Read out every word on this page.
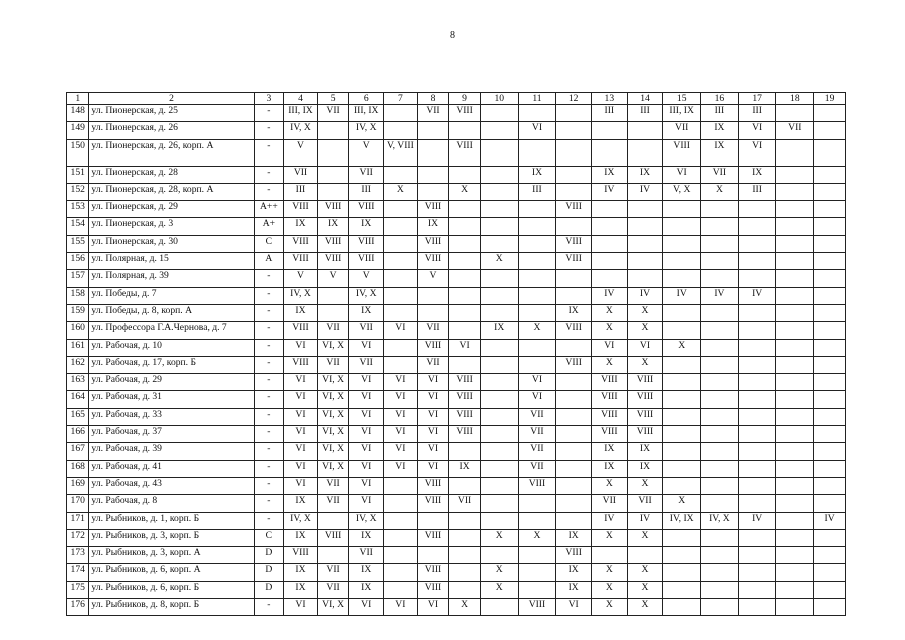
8
1	2	3	4	5	6	7	8	9	10	11	12	13	14	15	16	17	18	19
148	ул. Пионерская, д. 25	-	III, IX	VII	III, IX		VII	VIII				III	III	III, IX	III	III		
149	ул. Пионерская, д. 26	-	IV, X		IV, X					VI				VII	IX	VI	VII	
150	ул. Пионерская, д. 26, корп. А	-	V		V	V, VIII		VIII						VIII	IX	VI		
151	ул. Пионерская, д. 28	-	VII		VII					IX		IX	IX	VI	VII	IX		
152	ул. Пионерская, д. 28, корп. А	-	III		III	X		X		III		IV	IV	V, X	X	III		
153	ул. Пионерская, д. 29	A++	VIII	VIII	VIII		VIII				VIII							
154	ул. Пионерская, д. 3	A+	IX	IX	IX		IX											
155	ул. Пионерская, д. 30	C	VIII	VIII	VIII		VIII				VIII							
156	ул. Полярная, д. 15	A	VIII	VIII	VIII		VIII		X		VIII							
157	ул. Полярная, д. 39	-	V	V	V		V											
158	ул. Победы, д. 7	-	IV, X		IV, X							IV	IV	IV	IV	IV		
159	ул. Победы, д. 8, корп. А	-	IX		IX						IX	X	X					
160	ул. Профессора Г.А.Чернова, д. 7	-	VIII	VII	VII	VI	VII		IX	X	VIII	X	X					
161	ул. Рабочая, д. 10	-	VI	VI, X	VI		VIII	VI				VI	VI	X				
162	ул. Рабочая, д. 17, корп. Б	-	VIII	VII	VII		VII				VIII	X	X					
163	ул. Рабочая, д. 29	-	VI	VI, X	VI	VI	VI	VIII		VI		VIII	VIII					
164	ул. Рабочая, д. 31	-	VI	VI, X	VI	VI	VI	VIII		VI		VIII	VIII					
165	ул. Рабочая, д. 33	-	VI	VI, X	VI	VI	VI	VIII		VII		VIII	VIII					
166	ул. Рабочая, д. 37	-	VI	VI, X	VI	VI	VI	VIII		VII		VIII	VIII					
167	ул. Рабочая, д. 39	-	VI	VI, X	VI	VI	VI			VII		IX	IX					
168	ул. Рабочая, д. 41	-	VI	VI, X	VI	VI	VI	IX		VII		IX	IX					
169	ул. Рабочая, д. 43	-	VI	VII	VI		VIII			VIII		X	X					
170	ул. Рабочая, д. 8	-	IX	VII	VI		VIII	VII				VII	VII	X				
171	ул. Рыбников, д. 1, корп. Б	-	IV, X		IV, X							IV	IV	IV, IX	IV, X	IV		IV
172	ул. Рыбников, д. 3, корп. Б	C	IX	VIII	IX		VIII		X	X	IX	X	X					
173	ул. Рыбников, д. 3, корп. А	D	VIII		VII						VIII							
174	ул. Рыбников, д. 6, корп. А	D	IX	VII	IX		VIII		X		IX	X	X					
175	ул. Рыбников, д. 6, корп. Б	D	IX	VII	IX		VIII		X		IX	X	X					
176	ул. Рыбников, д. 8, корп. Б	-	VI	VI, X	VI	VI	VI	X		VIII	VI	X	X					
